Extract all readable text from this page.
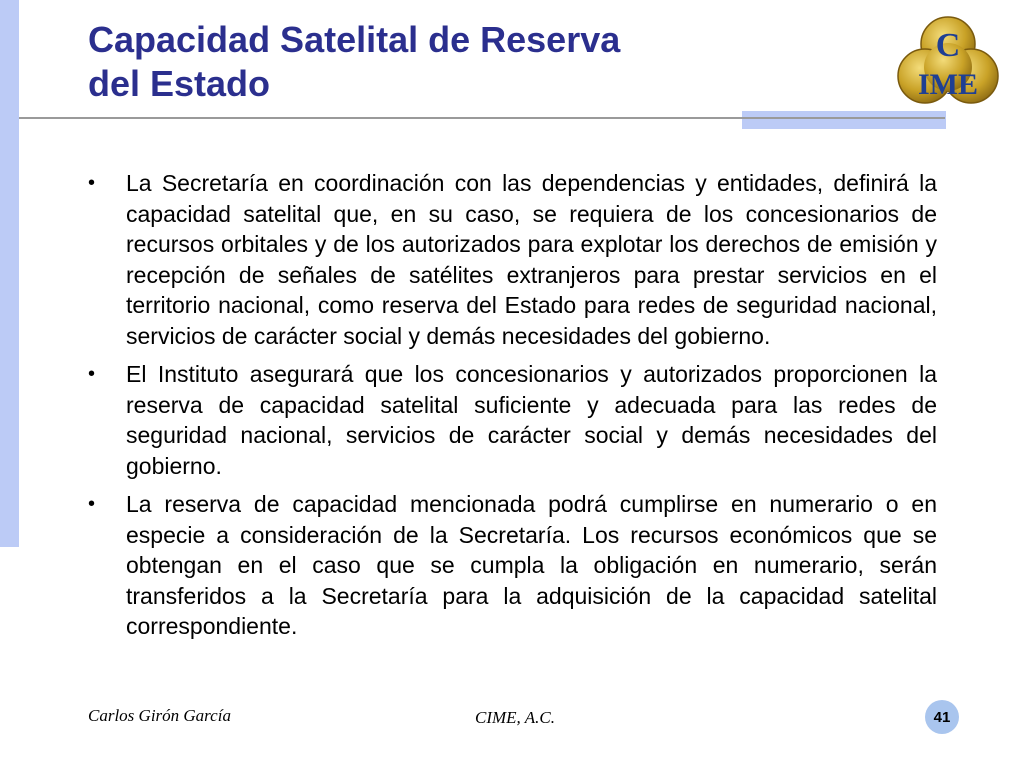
Capacidad Satelital de Reserva
del Estado
C
IME
• La Secretaría en coordinación con las dependencias y entidades, definirá la capacidad satelital que, en su caso, se requiera de los concesionarios de recursos orbitales y de los autorizados para explotar los derechos de emisión y recepción de señales de satélites extranjeros para prestar servicios en el territorio nacional, como reserva del Estado para redes de seguridad nacional, servicios de carácter social y demás necesidades del gobierno.
• El Instituto asegurará que los concesionarios y autorizados proporcionen la reserva de capacidad satelital suficiente y adecuada para las redes de seguridad nacional, servicios de carácter social y demás necesidades del gobierno.
• La reserva de capacidad mencionada podrá cumplirse en numerario o en especie a consideración de la Secretaría. Los recursos económicos que se obtengan en el caso que se cumpla la obligación en numerario, serán transferidos a la Secretaría para la adquisición de la capacidad satelital correspondiente.
Carlos Girón García	CIME, A.C.	41
